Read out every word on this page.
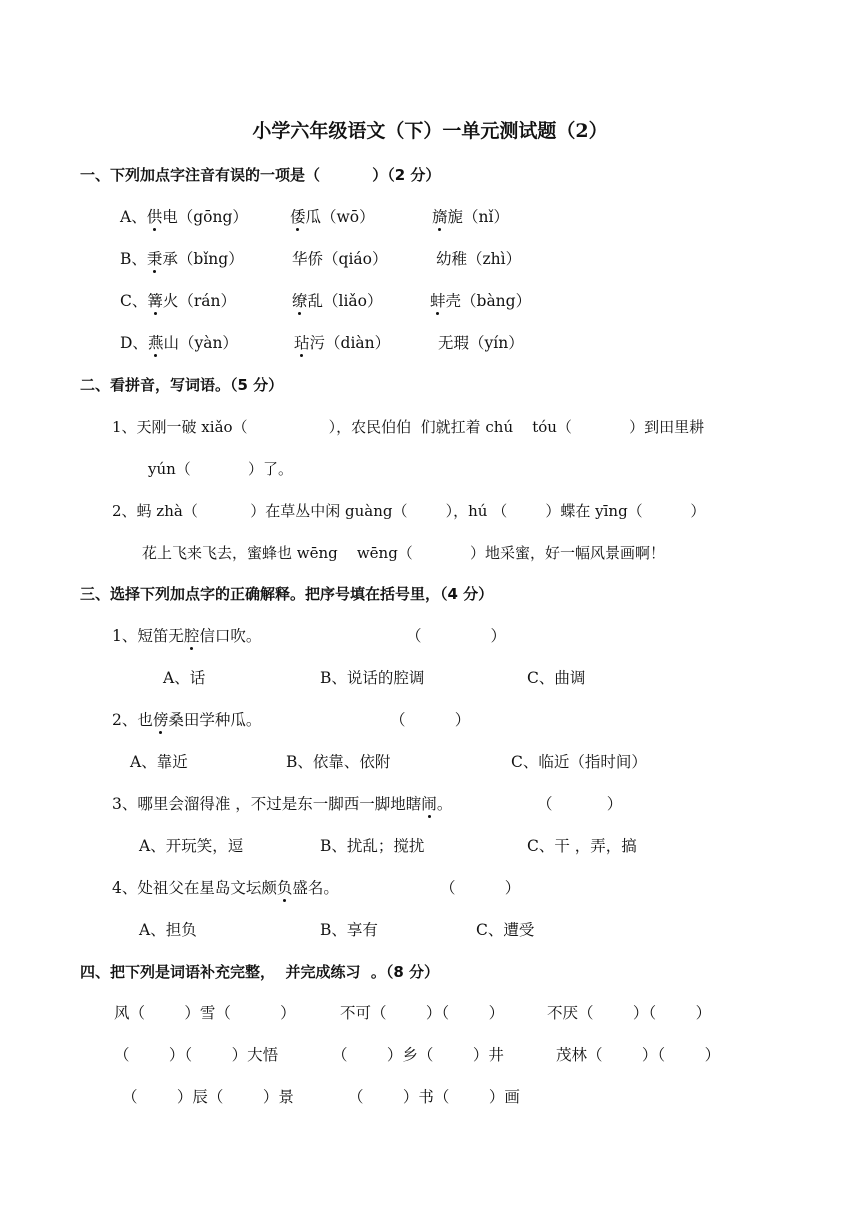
小学六年级语文（下）一单元测试题（2）
一、下列加点字注音有误的一项是（          ）（2 分）
A、供电（gōng）	倭瓜（wō）	旖旎（nǐ）
B、秉承（bǐng）	华侨（qiáo）	幼稚（zhì）
C、篝火（rán）	缭乱（liǎo）	蚌壳（bàng）
D、燕山（yàn）	玷污（diàn）	无瑕（yín）
二、看拼音，写词语。（5 分）
1、天刚一破 xiǎo（                 ），农民伯伯  们就扛着 chú    tóu（            ）到田里耕
yún（            ）了。
2、蚂 zhà（           ）在草丛中闲 guàng（        ），hú （        ）蝶在 yīng（          ）
花上飞来飞去，蜜蜂也 wēng    wēng（            ）地采蜜，好一幅风景画啊！
三、选择下列加点字的正确解释。把序号填在括号里，（4 分）
1、短笛无腔信口吹。	（              ）
A、话	B、说话的腔调	C、曲调
2、也傍桑田学种瓜。	（          ）
A、靠近	B、依靠、依附	C、临近（指时间）
3、哪里会溜得准 ，不过是东一脚西一脚地瞎闹。	（           ）
A、开玩笑，逗	B、扰乱；搅扰	C、干 ，弄，搞
4、处祖父在星岛文坛颇负盛名。	（          ）
A、担负	B、享有	C、遭受
四、把下列是词语补充完整，  并完成练习  。（8 分）
风（        ）雪（          ）	不可（        ）（        ）	不厌（        ）（        ）
（        ）（        ）大悟	（        ）乡（        ）井	茂林（        ）（        ）
（        ）辰（        ）景	（        ）书（        ）画
